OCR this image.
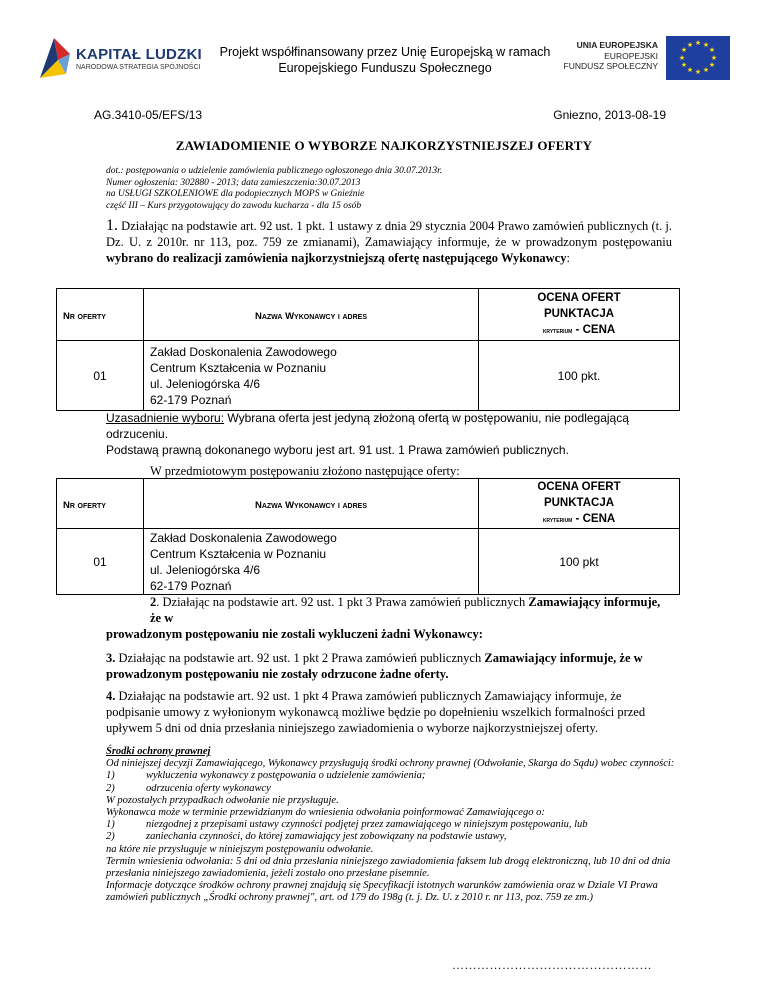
KAPITAŁ LUDZKI
NARODOWA STRATEGIA SPÓJNOŚCI
Projekt współfinansowany przez Unię Europejską w ramach
Europejskiego Funduszu Społecznego
UNIA EUROPEJSKA
EUROPEJSKI
FUNDUSZ SPOŁECZNY
★ ★
★
★
★
★
★
★
★
★
★
★
AG.3410-05/EFS/13	Gniezno, 2013-08-19
ZAWIADOMIENIE O WYBORZE NAJKORZYSTNIEJSZEJ OFERTY
dot.: postępowania o udzielenie zamówienia publicznego ogłoszonego dnia 30.07.2013r.
Numer ogłoszenia: 302880 - 2013; data zamieszczenia:30.07.2013
na USŁUGI SZKOLENIOWE dla podopiecznych MOPS w Gnieźnie
część III – Kurs przygotowujący do zawodu kucharza - dla 15 osób
1. Działając na podstawie art. 92 ust. 1 pkt. 1 ustawy z dnia 29 stycznia 2004 Prawo zamówień publicznych (t. j. Dz. U. z 2010r. nr 113, poz. 759 ze zmianami), Zamawiający informuje, że w prowadzonym postępowaniu wybrano do realizacji zamówienia najkorzystniejszą ofertę następującego Wykonawcy:
Nr oferty	Nazwa Wykonawcy i adres	OCENA OFERT
PUNKTACJA
kryterium - CENA

01	Zakład Doskonalenia Zawodowego
Centrum Kształcenia w Poznaniu
ul. Jeleniogórska 4/6
62-179 Poznań	100 pkt.
Uzasadnienie wyboru: Wybrana oferta jest jedyną złożoną ofertą w postępowaniu, nie podlegającą odrzuceniu.
Podstawą prawną dokonanego wyboru jest art. 91 ust. 1 Prawa zamówień publicznych.
W przedmiotowym postępowaniu złożono następujące oferty:
Nr oferty	Nazwa Wykonawcy i adres	OCENA OFERT
PUNKTACJA
kryterium - CENA

01	Zakład Doskonalenia Zawodowego
Centrum Kształcenia w Poznaniu
ul. Jeleniogórska 4/6
62-179 Poznań	100 pkt
2. Działając na podstawie art. 92 ust. 1 pkt 3 Prawa zamówień publicznych Zamawiający informuje, że w
prowadzonym postępowaniu nie zostali wykluczeni żadni Wykonawcy:
3. Działając na podstawie art. 92 ust. 1 pkt 2 Prawa zamówień publicznych Zamawiający informuje, że w prowadzonym postępowaniu nie zostały odrzucone żadne oferty.
4. Działając na podstawie art. 92 ust. 1 pkt 4 Prawa zamówień publicznych Zamawiający informuje, że podpisanie umowy z wyłonionym wykonawcą możliwe będzie po dopełnieniu wszelkich formalności przed upływem 5 dni od dnia przesłania niniejszego zawiadomienia o wyborze najkorzystniejszej oferty.
Środki ochrony prawnej
Od niniejszej decyzji Zamawiającego, Wykonawcy przysługują środki ochrony prawnej (Odwołanie, Skarga do Sądu) wobec czynności:
1)	wykluczenia wykonawcy z postępowania o udzielenie zamówienia;
2)	odrzucenia oferty wykonawcy
W pozostałych przypadkach odwołanie nie przysługuje.
Wykonawca może w terminie przewidzianym do wniesienia odwołania poinformować Zamawiającego o:
1)	niezgodnej z przepisami ustawy czynności podjętej przez zamawiającego w niniejszym postępowaniu, lub
2)	zaniechania czynności, do której zamawiający jest zobowiązany na podstawie ustawy,
na które nie przysługuje w niniejszym postępowaniu odwołanie.
Termin wniesienia odwołania: 5 dni od dnia przesłania niniejszego zawiadomienia faksem lub drogą elektroniczną, lub 10 dni od dnia przesłania niniejszego zawiadomienia, jeżeli zostało ono przesłane pisemnie.
Informacje dotyczące środków ochrony prawnej znajdują się Specyfikacji istotnych warunków zamówienia oraz w Dziale VI Prawa zamówień publicznych „Środki ochrony prawnej", art. od 179 do 198g (t. j. Dz. U. z 2010 r. nr 113, poz. 759 ze zm.)
…………………………………………
